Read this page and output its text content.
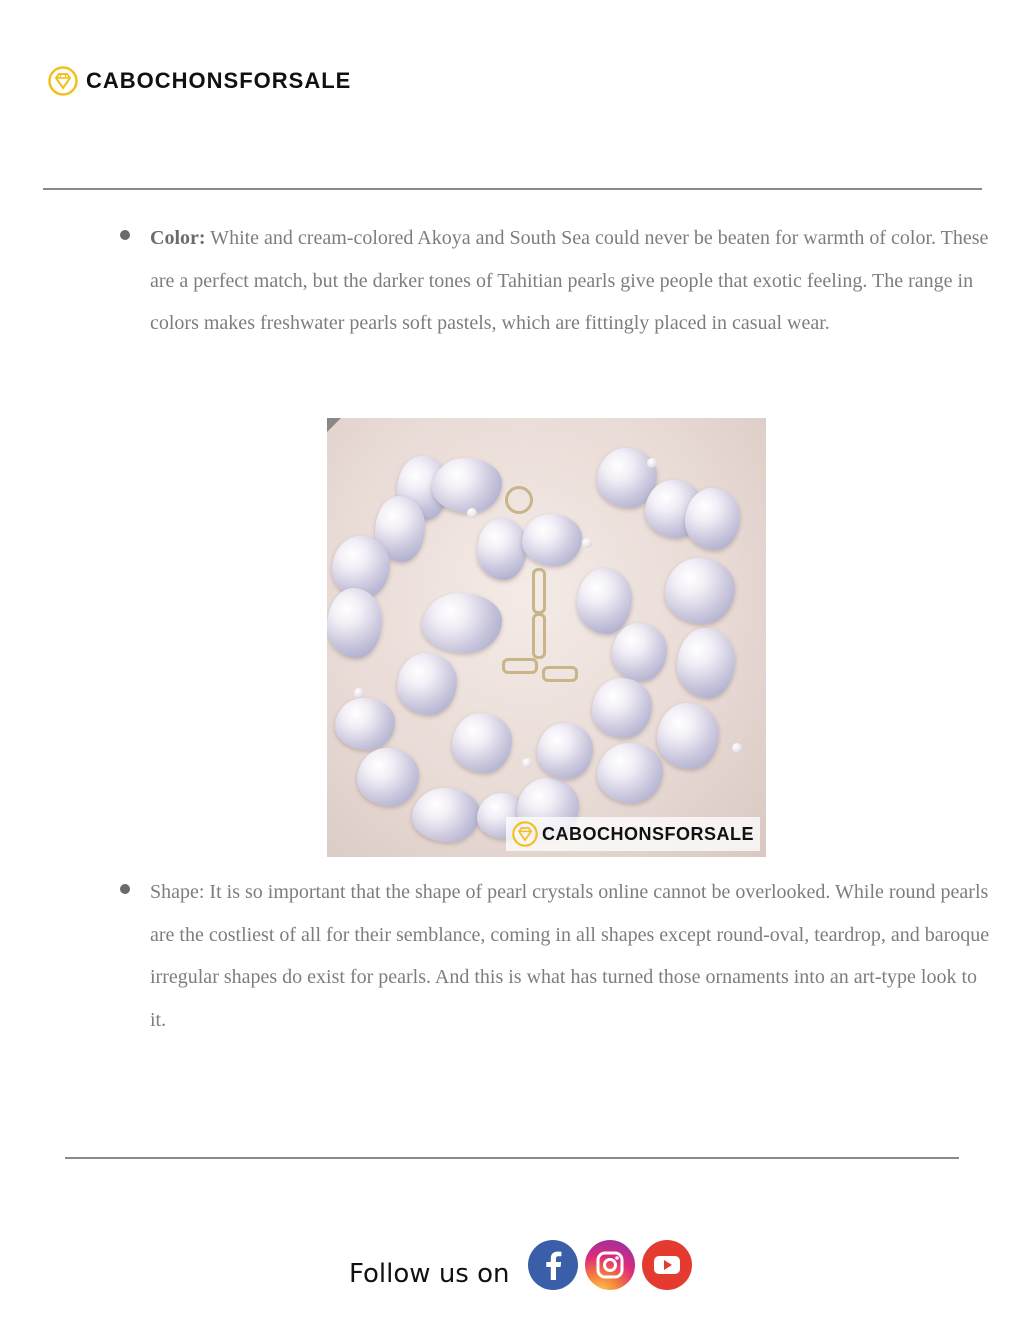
CABOCHONSFORSALE

Color: White and cream-colored Akoya and South Sea could never be beaten for warmth of color. These are a perfect match, but the darker tones of Tahitian pearls give people that exotic feeling. The range in colors makes freshwater pearls soft pastels, which are fittingly placed in casual wear.

CABOCHONSFORSALE

Shape: It is so important that the shape of pearl crystals online cannot be overlooked. While round pearls are the costliest of all for their semblance, coming in all shapes except round-oval, teardrop, and baroque irregular shapes do exist for pearls. And this is what has turned those ornaments into an art-type look to it.

Follow us on
